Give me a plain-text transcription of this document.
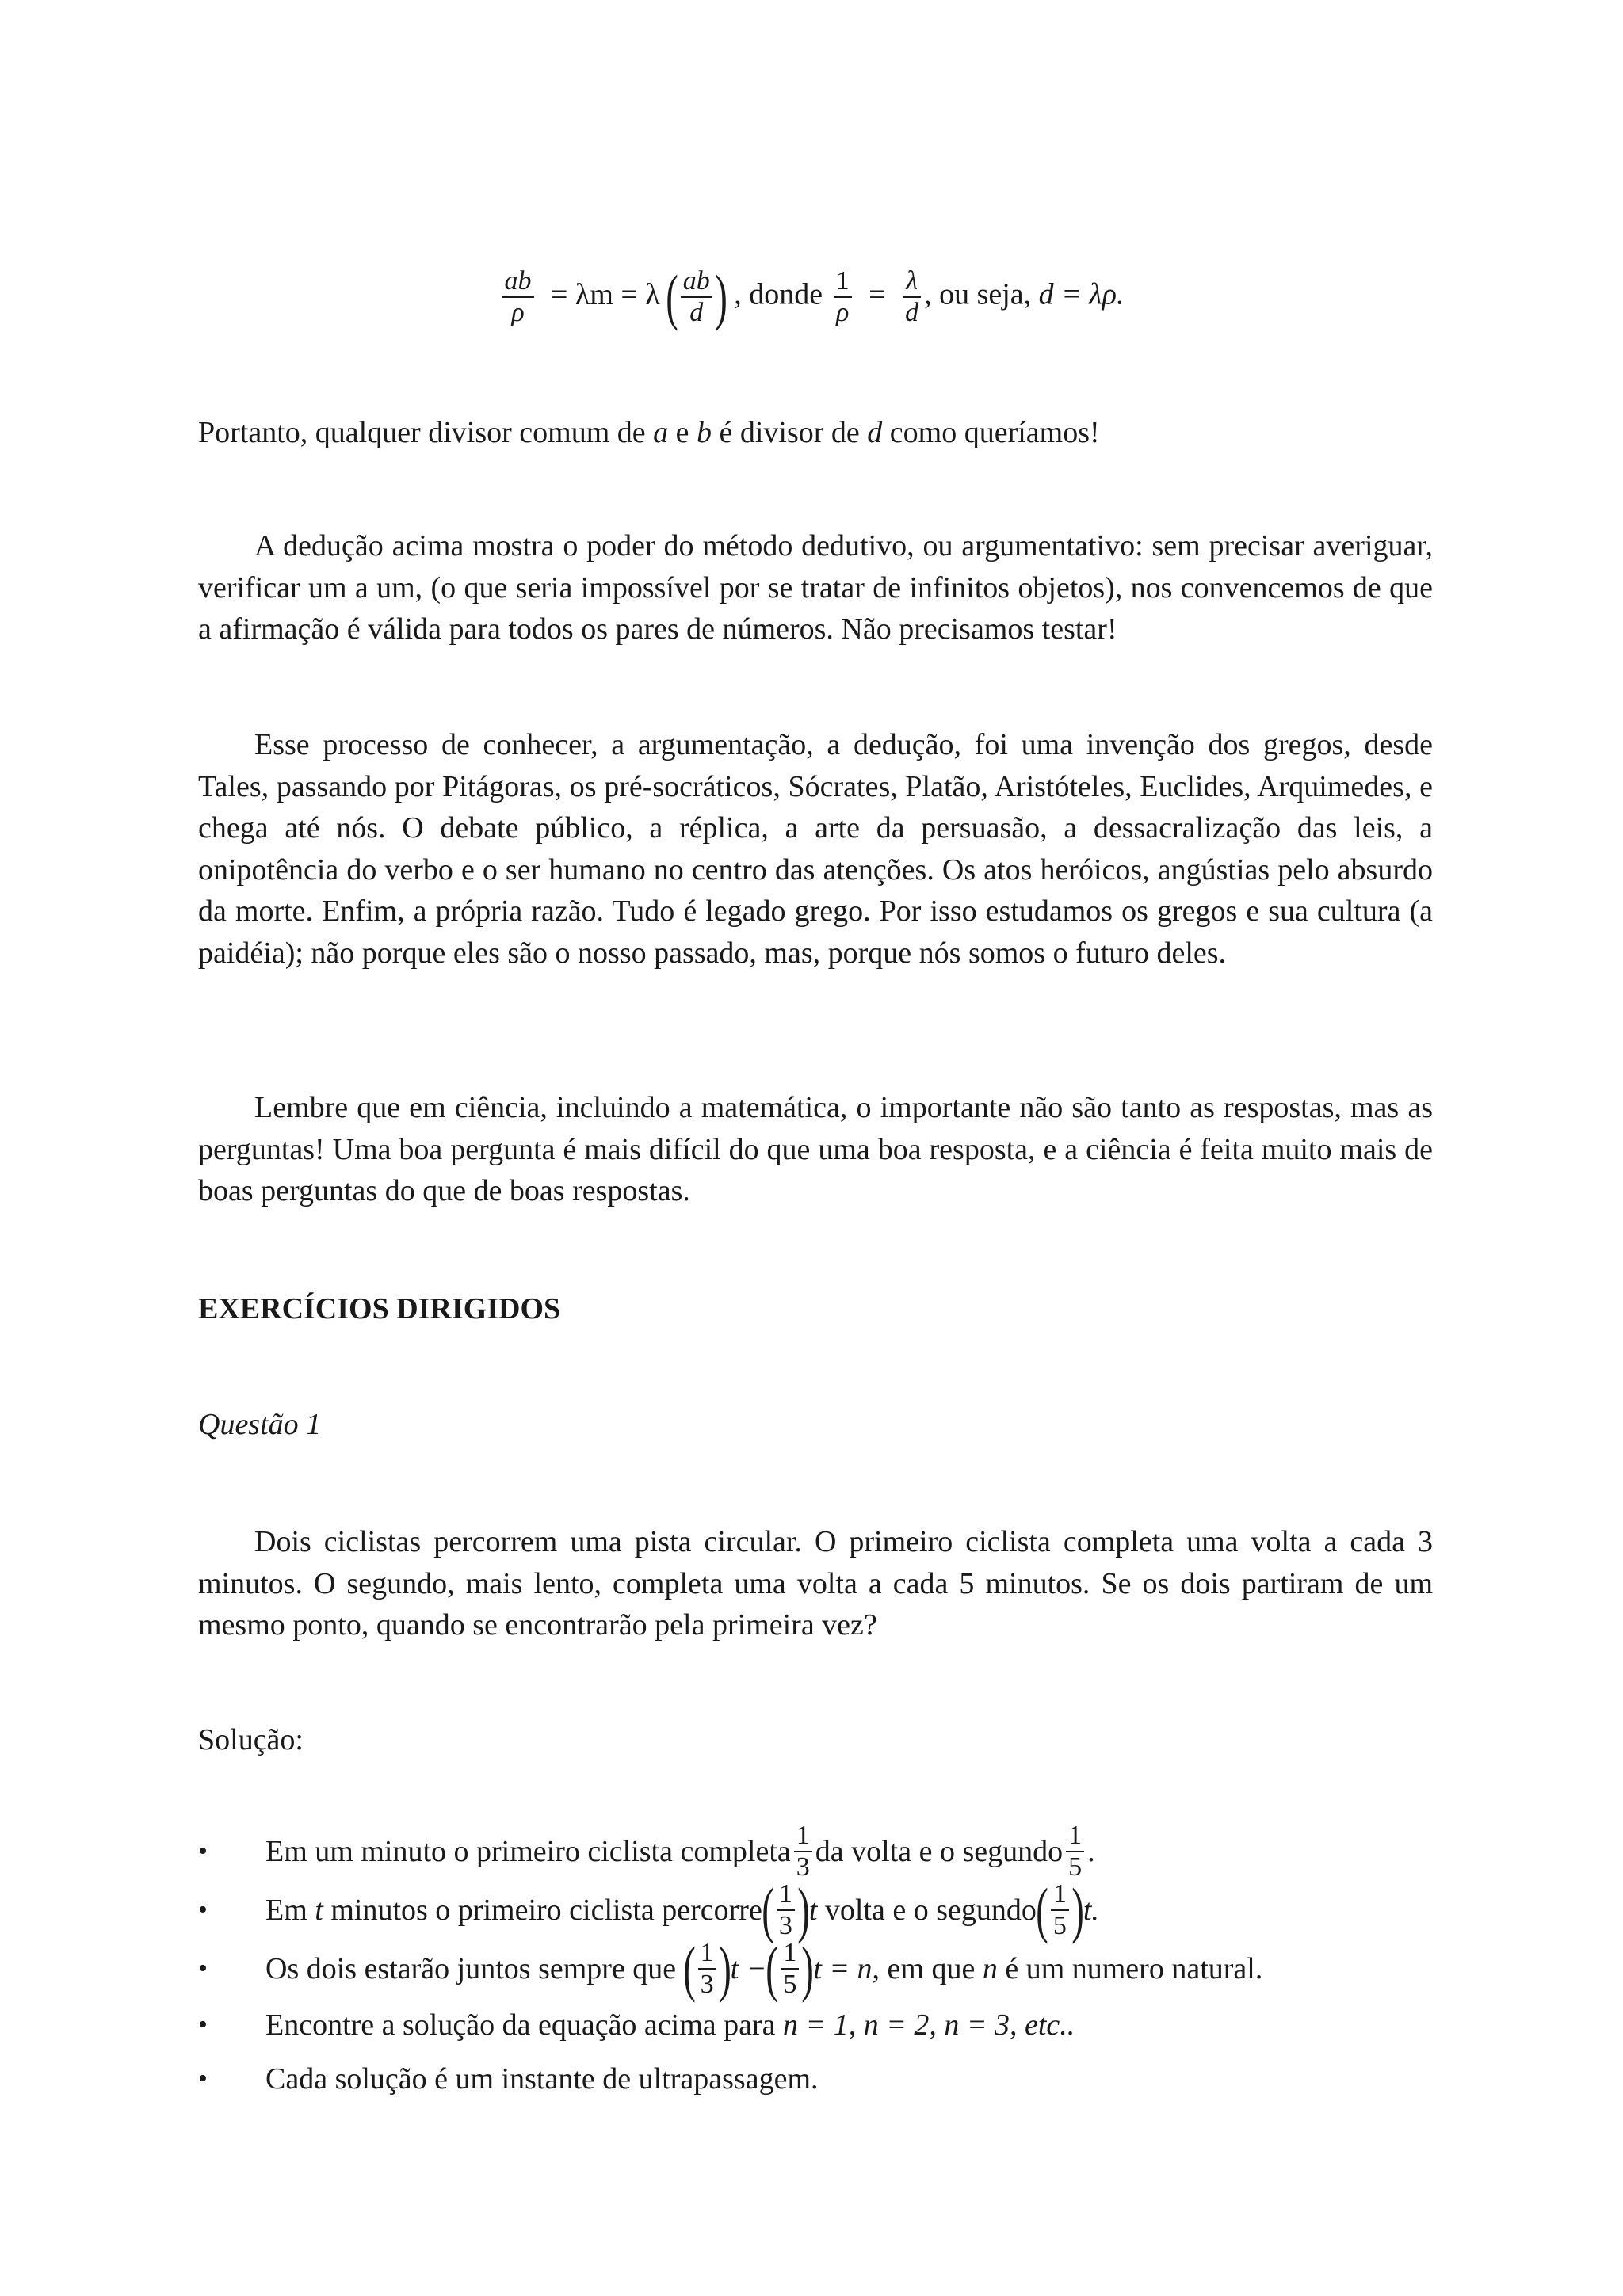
$\frac{ab}{\rho} = \lambda m = \lambda( \frac{ab}{d}$ ) , donde $\frac{1}{\rho} = \frac{\lambda}{d}$ , ou seja, d = λρ.
Portanto, qualquer divisor comum de a e b é divisor de d como queríamos!
A dedução acima mostra o poder do método dedutivo, ou argumentativo: sem precisar averiguar, verificar um a um, (o que seria impossível por se tratar de infinitos objetos), nos convencemos de que a afirmação é válida para todos os pares de números. Não precisamos testar!
Esse processo de conhecer, a argumentação, a dedução, foi uma invenção dos gregos, desde Tales, passando por Pitágoras, os pré-socráticos, Sócrates, Platão, Aristóteles, Euclides, Arquimedes, e chega até nós. O debate público, a réplica, a arte da persuasão, a dessacralização das leis, a onipotência do verbo e o ser humano no centro das atenções. Os atos heróicos, angústias pelo absurdo da morte. Enfim, a própria razão. Tudo é legado grego. Por isso estudamos os gregos e sua cultura (a paidéia); não porque eles são o nosso passado, mas, porque nós somos o futuro deles.
Lembre que em ciência, incluindo a matemática, o importante não são tanto as respostas, mas as perguntas! Uma boa pergunta é mais difícil do que uma boa resposta, e a ciência é feita muito mais de boas perguntas do que de boas respostas.
EXERCÍCIOS DIRIGIDOS
Questão 1
Dois ciclistas percorrem uma pista circular. O primeiro ciclista completa uma volta a cada 3 minutos. O segundo, mais lento, completa uma volta a cada 5 minutos. Se os dois partiram de um mesmo ponto, quando se encontrarão pela primeira vez?
Solução:
• Em um minuto o primeiro ciclista completa $\frac{1}{3}$ da volta e o segundo $\frac{1}{5}$ .
• Em
t
minutos o primeiro ciclista percorre ( $\frac{1}{3}$ ) t
volta e o segundo ( $\frac{1}{5}$ ) t.
• Os dois estarão juntos sempre que
( $\frac{1}{3}$ ) t − ( $\frac{1}{5}$ ) t = n , em que
n
é um numero natural.
• Encontre a solução da equação acima para
n = 1, n = 2, n = 3, etc..
• Cada solução é um instante de ultrapassagem.
